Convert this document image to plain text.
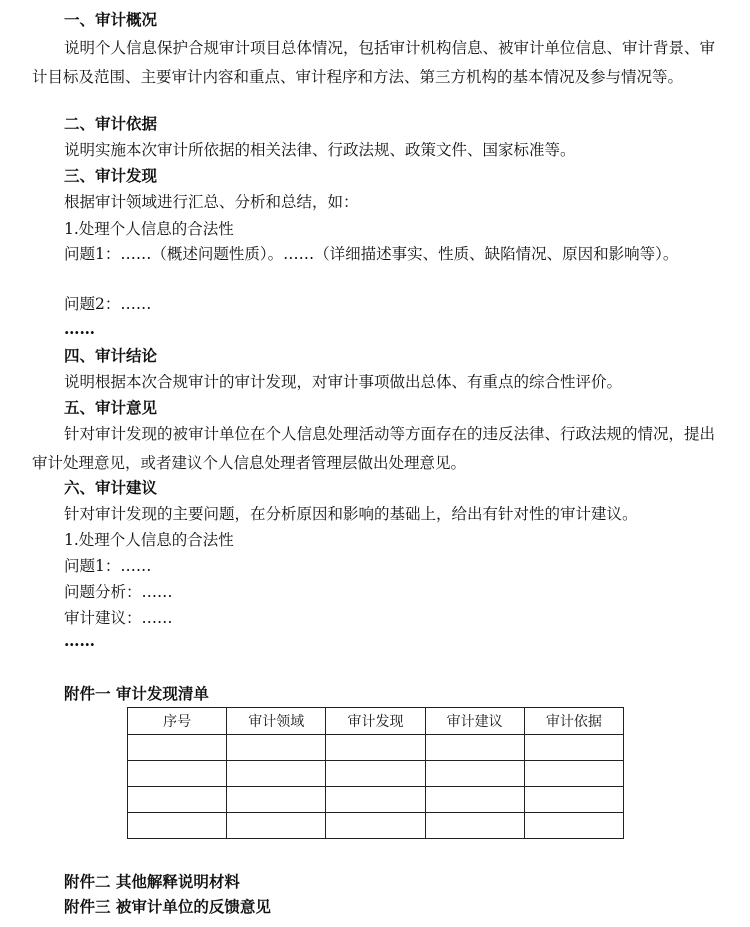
一、审计概况
说明个人信息保护合规审计项目总体情况，包括审计机构信息、被审计单位信息、审计背景、审计目标及范围、主要审计内容和重点、审计程序和方法、第三方机构的基本情况及参与情况等。
二、审计依据
说明实施本次审计所依据的相关法律、行政法规、政策文件、国家标准等。
三、审计发现
根据审计领域进行汇总、分析和总结，如：
1.处理个人信息的合法性
问题1：……（概述问题性质）。……（详细描述事实、性质、缺陷情况、原因和影响等）。
问题2：……
……
四、审计结论
说明根据本次合规审计的审计发现，对审计事项做出总体、有重点的综合性评价。
五、审计意见
针对审计发现的被审计单位在个人信息处理活动等方面存在的违反法律、行政法规的情况，提出审计处理意见，或者建议个人信息处理者管理层做出处理意见。
六、审计建议
针对审计发现的主要问题，在分析原因和影响的基础上，给出有针对性的审计建议。
1.处理个人信息的合法性
问题1：……
问题分析：……
审计建议：……
……
附件一 审计发现清单
序号	审计领域	审计发现	审计建议	审计依据

附件二 其他解释说明材料
附件三 被审计单位的反馈意见
